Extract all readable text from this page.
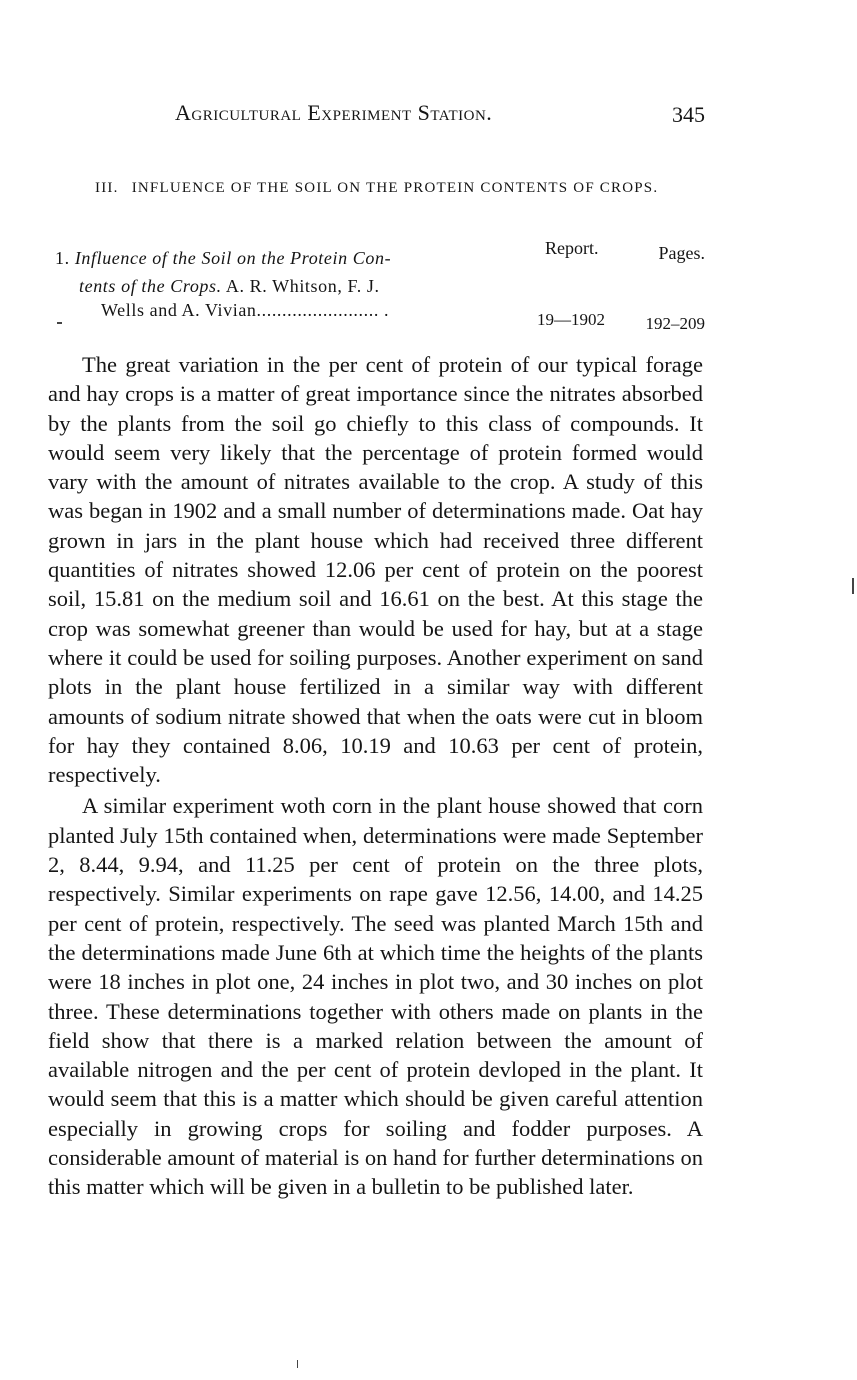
Agricultural Experiment Station.	345
III. INFLUENCE OF THE SOIL ON THE PROTEIN CONTENTS OF CROPS.
Report.	Pages.
1. Influence of the Soil on the Protein Con-
tents of the Crops. A. R. Whitson, F. J.
Wells and A. Vivian........................ .	19—1902 192–209

The great variation in the per cent of protein of our typical forage and hay crops is a matter of great importance since the nitrates absorbed by the plants from the soil go chiefly to this class of compounds. It would seem very likely that the percentage of protein formed would vary with the amount of nitrates available to the crop. A study of this was began in 1902 and a small number of determinations made. Oat hay grown in jars in the plant house which had received three different quantities of nitrates showed 12.06 per cent of protein on the poorest soil, 15.81 on the medium soil and 16.61 on the best. At this stage the crop was somewhat greener than would be used for hay, but at a stage where it could be used for soiling purposes. Another experiment on sand plots in the plant house fertilized in a similar way with different amounts of sodium nitrate showed that when the oats were cut in bloom for hay they contained 8.06, 10.19 and 10.63 per cent of protein, respectively.

A similar experiment woth corn in the plant house showed that corn planted July 15th contained when, determinations were made September 2, 8.44, 9.94, and 11.25 per cent of protein on the three plots, respectively. Similar experiments on rape gave 12.56, 14.00, and 14.25 per cent of protein, respectively. The seed was planted March 15th and the determinations made June 6th at which time the heights of the plants were 18 inches in plot one, 24 inches in plot two, and 30 inches on plot three. These determinations together with others made on plants in the field show that there is a marked relation between the amount of available nitrogen and the per cent of protein devloped in the plant. It would seem that this is a matter which should be given careful attention especially in growing crops for soiling and fodder purposes. A considerable amount of material is on hand for further determinations on this matter which will be given in a bulletin to be published later.
